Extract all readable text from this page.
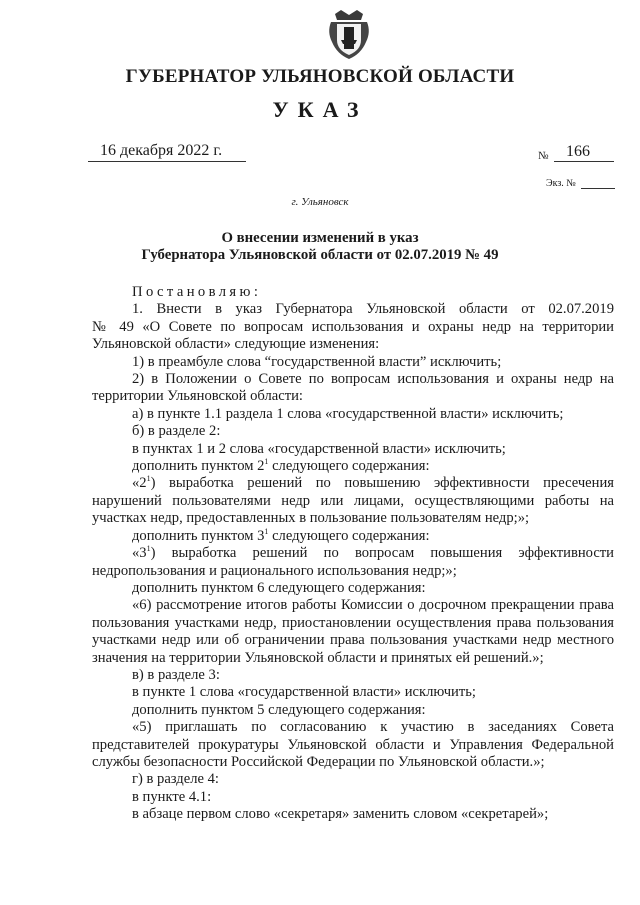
ГУБЕРНАТОР УЛЬЯНОВСКОЙ ОБЛАСТИ
УКАЗ
16 декабря 2022 г.	№ 166
Экз. №
г. Ульяновск
О внесении изменений в указ
Губернатора Ульяновской области от 02.07.2019 № 49

Постановляю:

1. Внести в указ Губернатора Ульяновской области от 02.07.2019

№ 49 «О Совете по вопросам использования и охраны недр на территории Ульяновской области» следующие изменения:

1) в преамбуле слова “государственной власти” исключить;

2) в Положении о Совете по вопросам использования и охраны недр на территории Ульяновской области:

а) в пункте 1.1 раздела 1 слова «государственной власти» исключить;

б) в разделе 2:

в пунктах 1 и 2 слова «государственной власти» исключить;

дополнить пунктом $2^1$ следующего содержания:

«$2^1$) выработка решений по повышению эффективности пресечения нарушений пользователями недр или лицами, осуществляющими работы на участках недр, предоставленных в пользование пользователям недр;»;

дополнить пунктом $3^1$ следующего содержания:

«$3^1$) выработка решений по вопросам повышения эффективности недропользования и рационального использования недр;»;

дополнить пунктом 6 следующего содержания:

«6) рассмотрение итогов работы Комиссии о досрочном прекращении права пользования участками недр, приостановлении осуществления права пользования участками недр или об ограничении права пользования участками недр местного значения на территории Ульяновской области и принятых ей решений.»;

в) в разделе 3:

в пункте 1 слова «государственной власти» исключить;

дополнить пунктом 5 следующего содержания:

«5) приглашать по согласованию к участию в заседаниях Совета представителей прокуратуры Ульяновской области и Управления Федеральной службы безопасности Российской Федерации по Ульяновской области.»;

г) в разделе 4:

в пункте 4.1:

в абзаце первом слово «секретаря» заменить словом «секретарей»;
